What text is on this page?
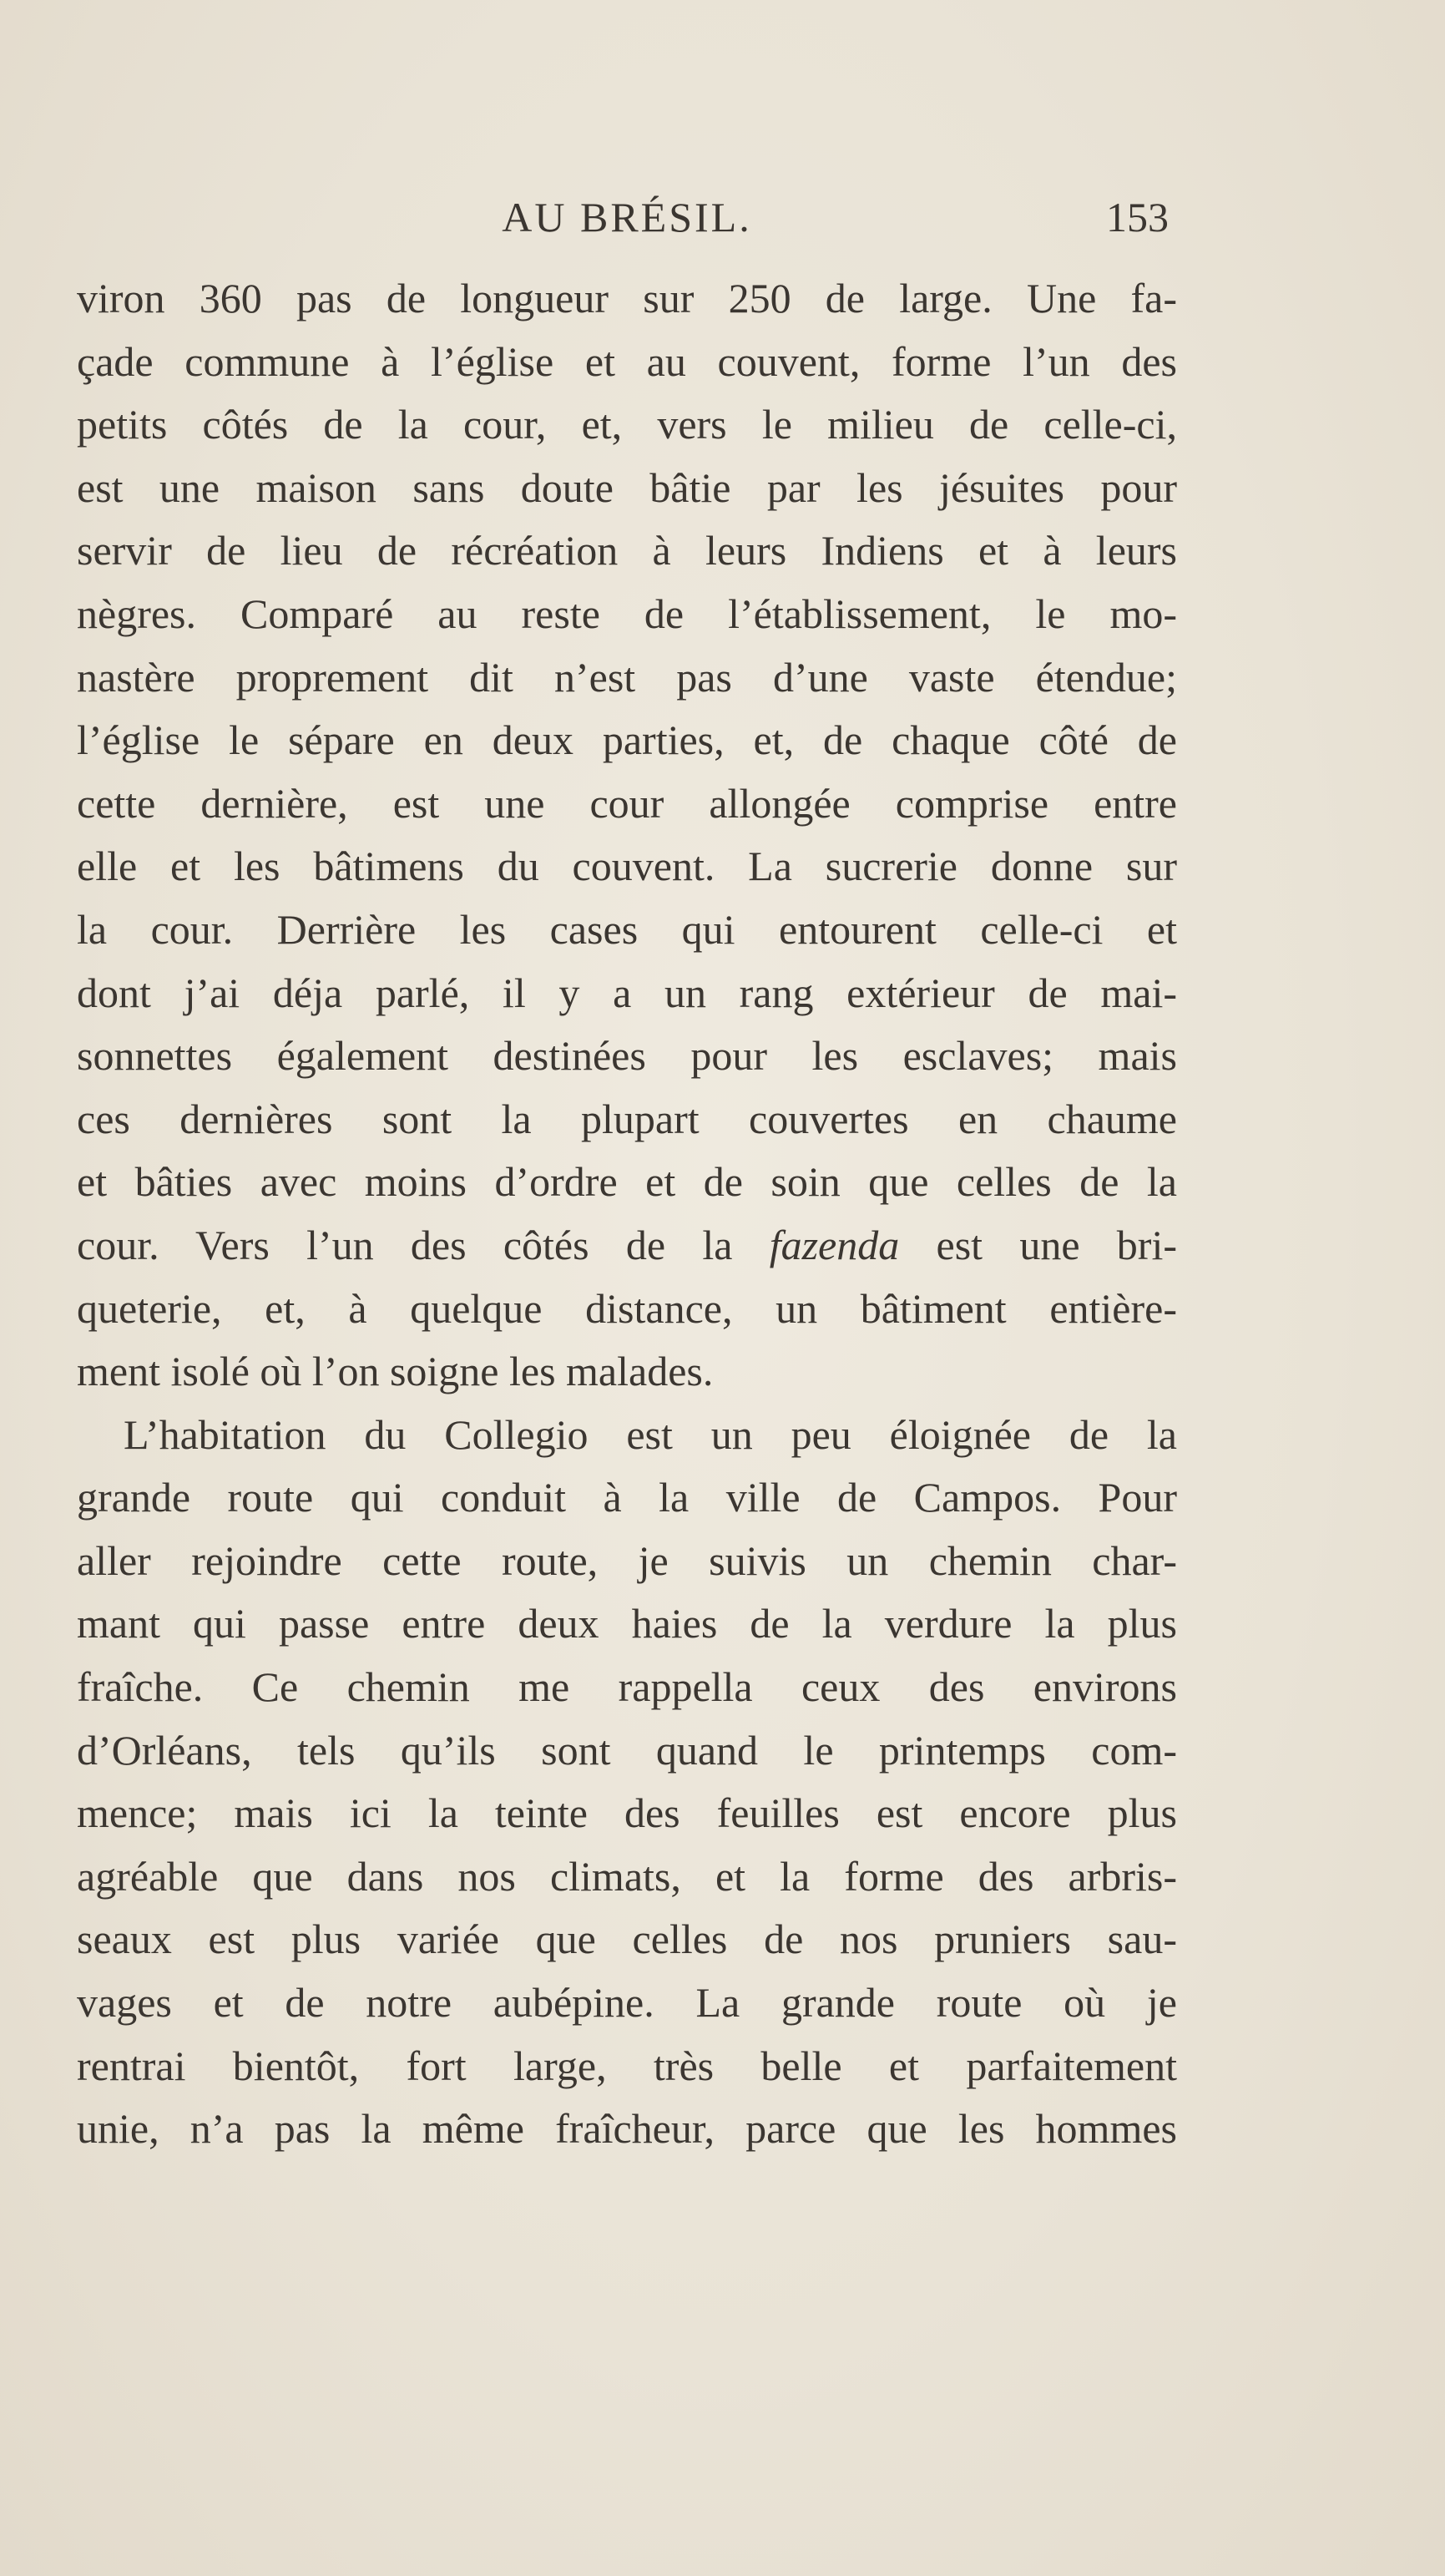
AU BRÉSIL.	153
viron 360 pas de longueur sur 250 de large. Une fa-
çade commune à l’église et au couvent, forme l’un des
petits côtés de la cour, et, vers le milieu de celle-ci,
est une maison sans doute bâtie par les jésuites pour
servir de lieu de récréation à leurs Indiens et à leurs
nègres. Comparé au reste de l’établissement, le mo-
nastère proprement dit n’est pas d’une vaste étendue;
l’église le sépare en deux parties, et, de chaque côté de
cette dernière, est une cour allongée comprise entre
elle et les bâtimens du couvent. La sucrerie donne sur
la cour. Derrière les cases qui entourent celle-ci et
dont j’ai déja parlé, il y a un rang extérieur de mai-
sonnettes également destinées pour les esclaves; mais
ces dernières sont la plupart couvertes en chaume
et bâties avec moins d’ordre et de soin que celles de la
cour. Vers l’un des côtés de la fazenda est une bri-
queterie, et, à quelque distance, un bâtiment entière-
ment isolé où l’on soigne les malades.
L’habitation du Collegio est un peu éloignée de la
grande route qui conduit à la ville de Campos. Pour
aller rejoindre cette route, je suivis un chemin char-
mant qui passe entre deux haies de la verdure la plus
fraîche. Ce chemin me rappella ceux des environs
d’Orléans, tels qu’ils sont quand le printemps com-
mence; mais ici la teinte des feuilles est encore plus
agréable que dans nos climats, et la forme des arbris-
seaux est plus variée que celles de nos pruniers sau-
vages et de notre aubépine. La grande route où je
rentrai bientôt, fort large, très belle et parfaitement
unie, n’a pas la même fraîcheur, parce que les hommes
